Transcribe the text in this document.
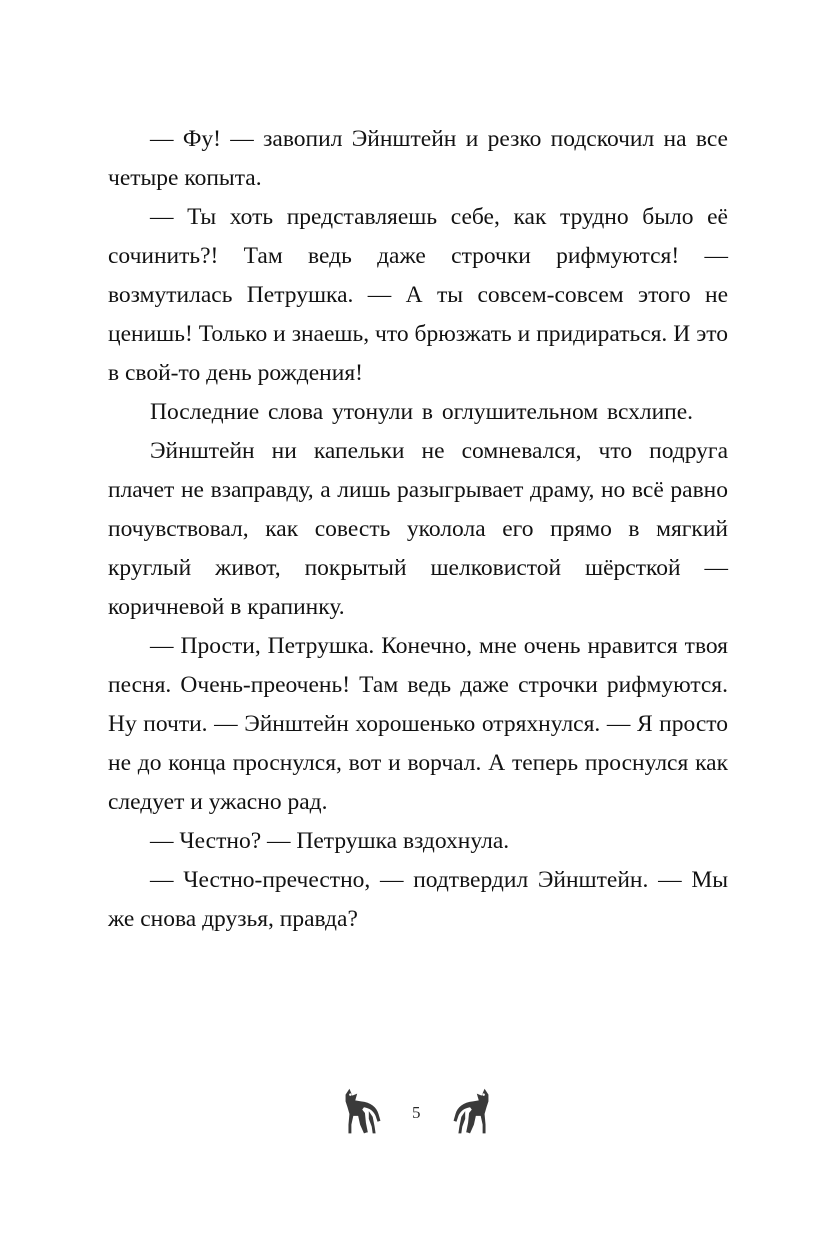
— Фу! — завопил Эйнштейн и резко подскочил на все четыре копыта.

— Ты хоть представляешь себе, как трудно было её сочинить?! Там ведь даже строчки рифмуются! — возмутилась Петрушка. — А ты совсем-совсем этого не ценишь! Только и знаешь, что брюзжать и придираться. И это в свой-то день рождения!

Последние слова утонули в оглушительном всхлипе.

Эйнштейн ни капельки не сомневался, что подруга плачет не взаправду, а лишь разыгрывает драму, но всё равно почувствовал, как совесть уколола его прямо в мягкий круглый живот, покрытый шелковистой шёрсткой — коричневой в крапинку.

— Прости, Петрушка. Конечно, мне очень нравится твоя песня. Очень-преочень! Там ведь даже строчки рифмуются. Ну почти. — Эйнштейн хорошенько отряхнулся. — Я просто не до конца проснулся, вот и ворчал. А теперь проснулся как следует и ужасно рад.

— Честно? — Петрушка вздохнула.

— Честно-пречестно, — подтвердил Эйнштейн. — Мы же снова друзья, правда?

5
